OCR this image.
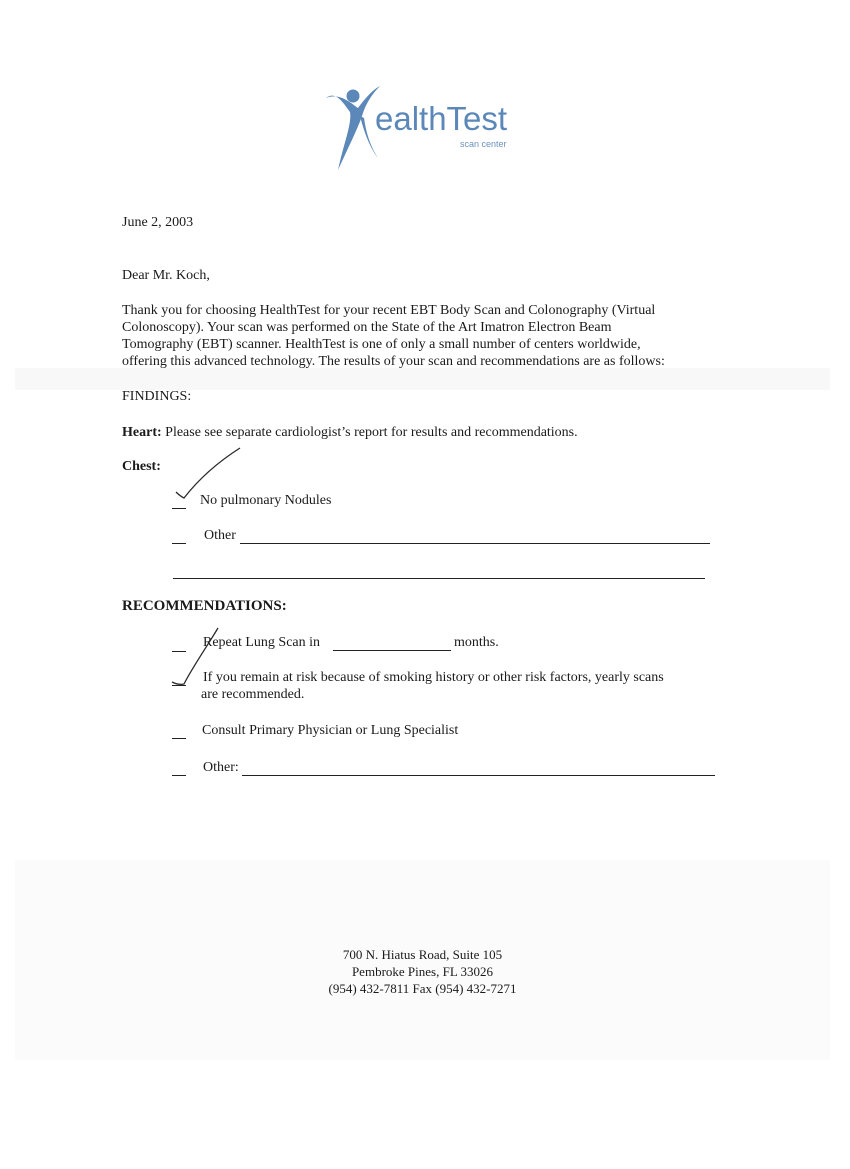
ealthTest
scan center
June 2, 2003
Dear Mr. Koch,
Thank you for choosing HealthTest for your recent EBT Body Scan and Colonography (Virtual
Colonoscopy). Your scan was performed on the State of the Art Imatron Electron Beam
Tomography (EBT) scanner. HealthTest is one of only a small number of centers worldwide,
offering this advanced technology. The results of your scan and recommendations are as follows:
FINDINGS:
Heart: Please see separate cardiologist’s report for results and recommendations.
Chest:
No pulmonary Nodules
Other
RECOMMENDATIONS:
Repeat Lung Scan in	months.
If you remain at risk because of smoking history or other risk factors, yearly scans
are recommended.
Consult Primary Physician or Lung Specialist
Other:
700 N. Hiatus Road, Suite 105
Pembroke Pines, FL 33026
(954) 432-7811 Fax (954) 432-7271
